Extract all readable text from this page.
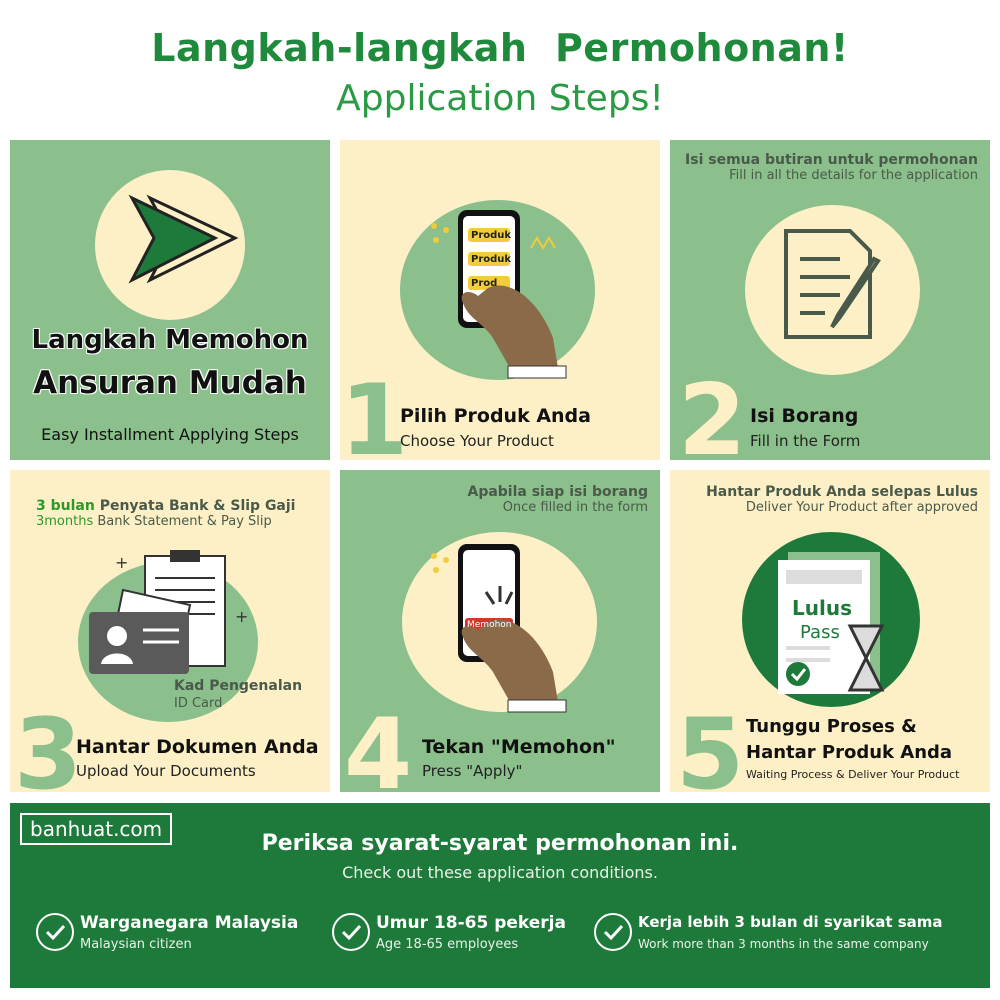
Langkah-langkah  Permohonan!
Application Steps!
Langkah Memohon
Ansuran Mudah
Easy Installment Applying Steps
Produk
Produk
Prod
1
Pilih Produk Anda
Choose Your Product
Isi semua butiran untuk permohonan
Fill in all the details for the application
2 Isi Borang
Fill in the Form
3 bulan Penyata Bank & Slip Gaji
3months Bank Statement & Pay Slip
+
+
Kad Pengenalan
ID Card
3
Hantar Dokumen Anda
Upload Your Documents
Apabila siap isi borang
Once filled in the form
Memohon
4 Tekan "Memohon"
Press "Apply"
Hantar Produk Anda selepas Lulus
Deliver Your Product after approved
Lulus
Pass
5 Tunggu Proses &
Hantar Produk Anda
Waiting Process & Deliver Your Product
banhuat.com
Periksa syarat-syarat permohonan ini.
Check out these application conditions.
Warganegara Malaysia
Malaysian citizen
Umur 18-65 pekerja
Age 18-65 employees
Kerja lebih 3 bulan di syarikat sama
Work more than 3 months in the same company
